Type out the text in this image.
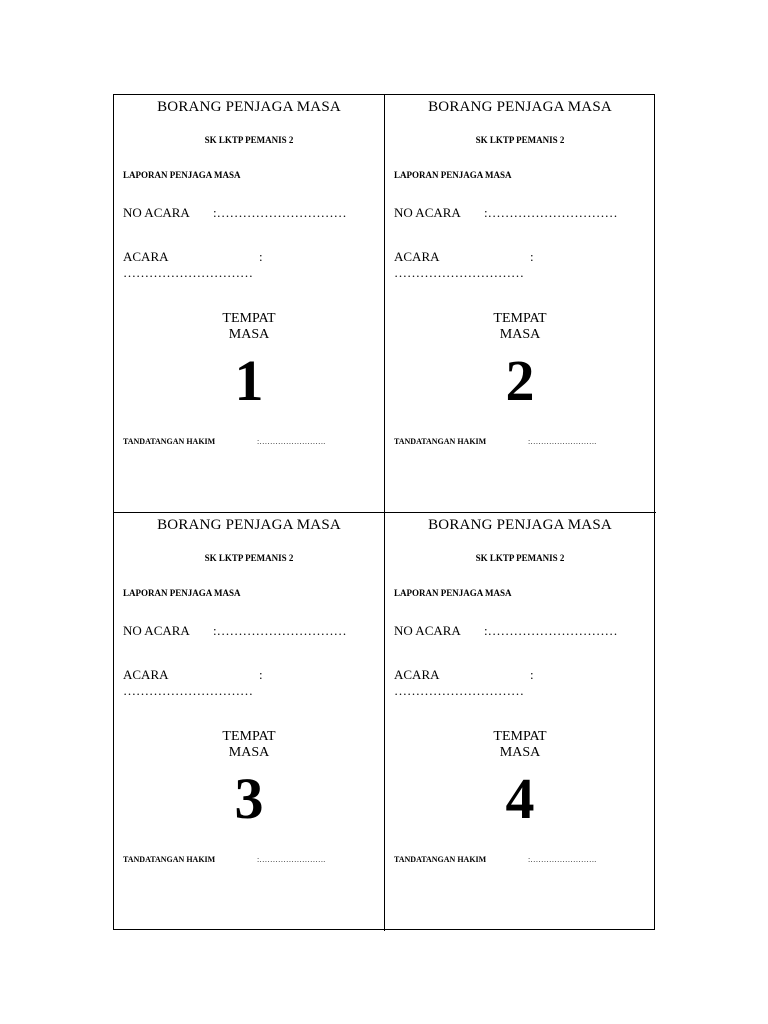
BORANG PENJAGA MASA
SK LKTP PEMANIS 2
LAPORAN PENJAGA MASA
NO ACARA :…………………………
ACARA	:
…………………………
TEMPAT
MASA
1
TANDATANGAN HAKIM	:…………………….
BORANG PENJAGA MASA
SK LKTP PEMANIS 2
LAPORAN PENJAGA MASA
NO ACARA :…………………………
ACARA	:
…………………………
TEMPAT
MASA
2
TANDATANGAN HAKIM	:…………………….
BORANG PENJAGA MASA
SK LKTP PEMANIS 2
LAPORAN PENJAGA MASA
NO ACARA :…………………………
ACARA	:
…………………………
TEMPAT
MASA
3
TANDATANGAN HAKIM	:…………………….
BORANG PENJAGA MASA
SK LKTP PEMANIS 2
LAPORAN PENJAGA MASA
NO ACARA :…………………………
ACARA	:
…………………………
TEMPAT
MASA
4
TANDATANGAN HAKIM	:…………………….
